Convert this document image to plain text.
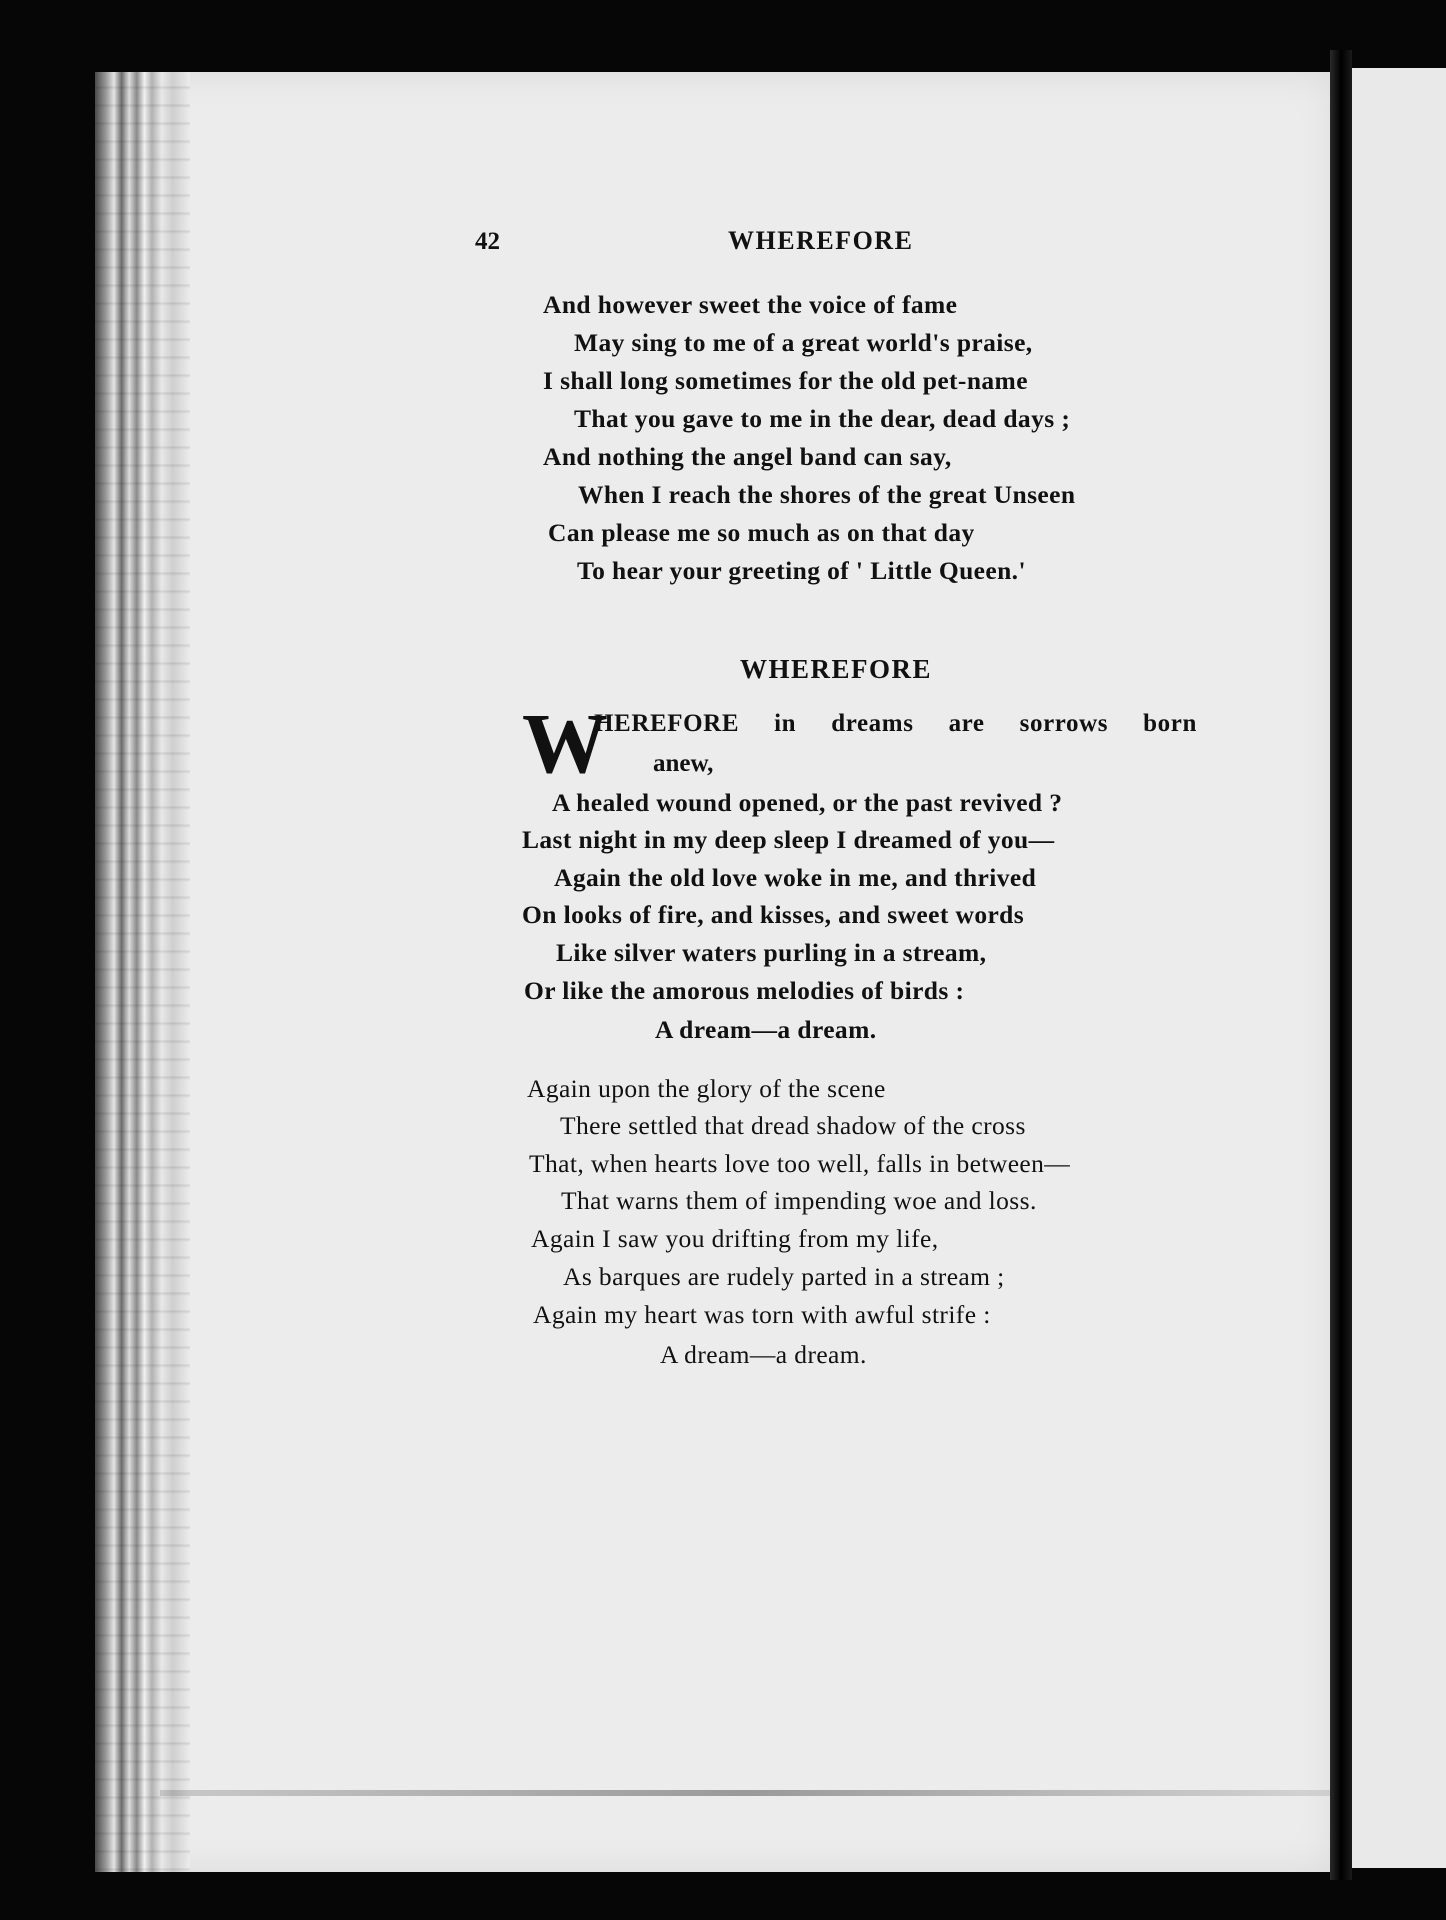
42	WHEREFORE
And however sweet the voice of fame
May sing to me of a great world's praise,
I shall long sometimes for the old pet-name
That you gave to me in the dear, dead days ;
And nothing the angel band can say,
When I reach the shores of the great Unseen
Can please me so much as on that day
To hear your greeting of ' Little Queen.'
WHEREFORE
W
HEREFORE in dreams are sorrows born
anew,
A healed wound opened, or the past revived ?
Last night in my deep sleep I dreamed of you—
Again the old love woke in me, and thrived
On looks of fire, and kisses, and sweet words
Like silver waters purling in a stream,
Or like the amorous melodies of birds :
A dream—a dream.
Again upon the glory of the scene
There settled that dread shadow of the cross
That, when hearts love too well, falls in between—
That warns them of impending woe and loss.
Again I saw you drifting from my life,
As barques are rudely parted in a stream ;
Again my heart was torn with awful strife :
A dream—a dream.
